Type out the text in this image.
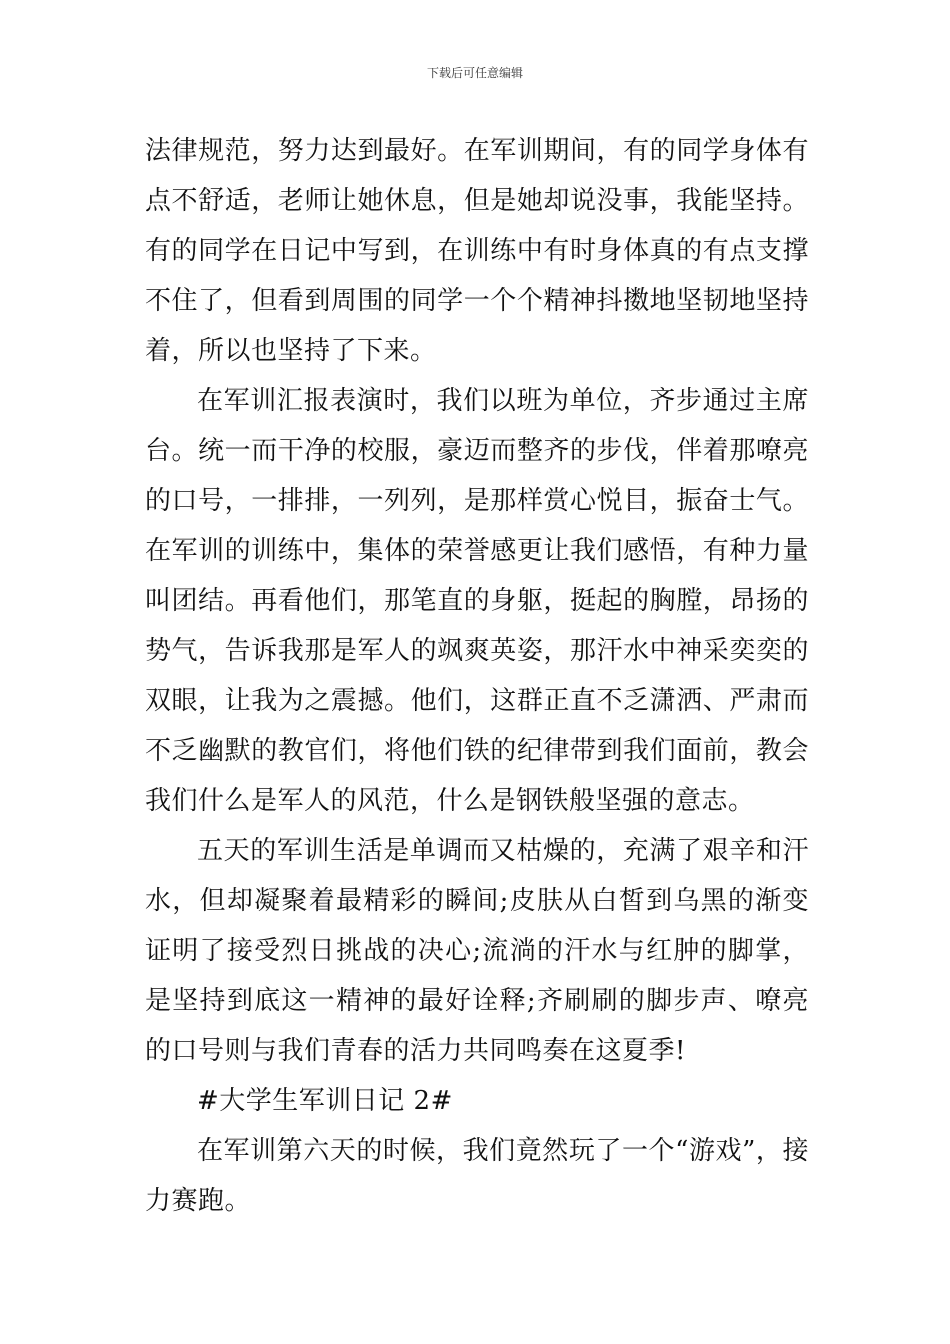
下载后可任意编辑

法律规范，努力达到最好。在军训期间，有的同学身体有点不舒适，老师让她休息，但是她却说没事，我能坚持。有的同学在日记中写到，在训练中有时身体真的有点支撑不住了，但看到周围的同学一个个精神抖擞地坚韧地坚持着，所以也坚持了下来。

在军训汇报表演时，我们以班为单位，齐步通过主席台。统一而干净的校服，豪迈而整齐的步伐，伴着那嘹亮的口号，一排排，一列列，是那样赏心悦目，振奋士气。在军训的训练中，集体的荣誉感更让我们感悟，有种力量叫团结。再看他们，那笔直的身躯，挺起的胸膛，昂扬的势气，告诉我那是军人的飒爽英姿，那汗水中神采奕奕的双眼，让我为之震撼。他们，这群正直不乏潇洒、严肃而不乏幽默的教官们，将他们铁的纪律带到我们面前，教会我们什么是军人的风范，什么是钢铁般坚强的意志。

五天的军训生活是单调而又枯燥的，充满了艰辛和汗水，但却凝聚着最精彩的瞬间;皮肤从白皙到乌黑的渐变证明了接受烈日挑战的决心;流淌的汗水与红肿的脚掌，是坚持到底这一精神的最好诠释;齐刷刷的脚步声、嘹亮的口号则与我们青春的活力共同鸣奏在这夏季!

#大学生军训日记 2#

在军训第六天的时候，我们竟然玩了一个“游戏”，接力赛跑。
